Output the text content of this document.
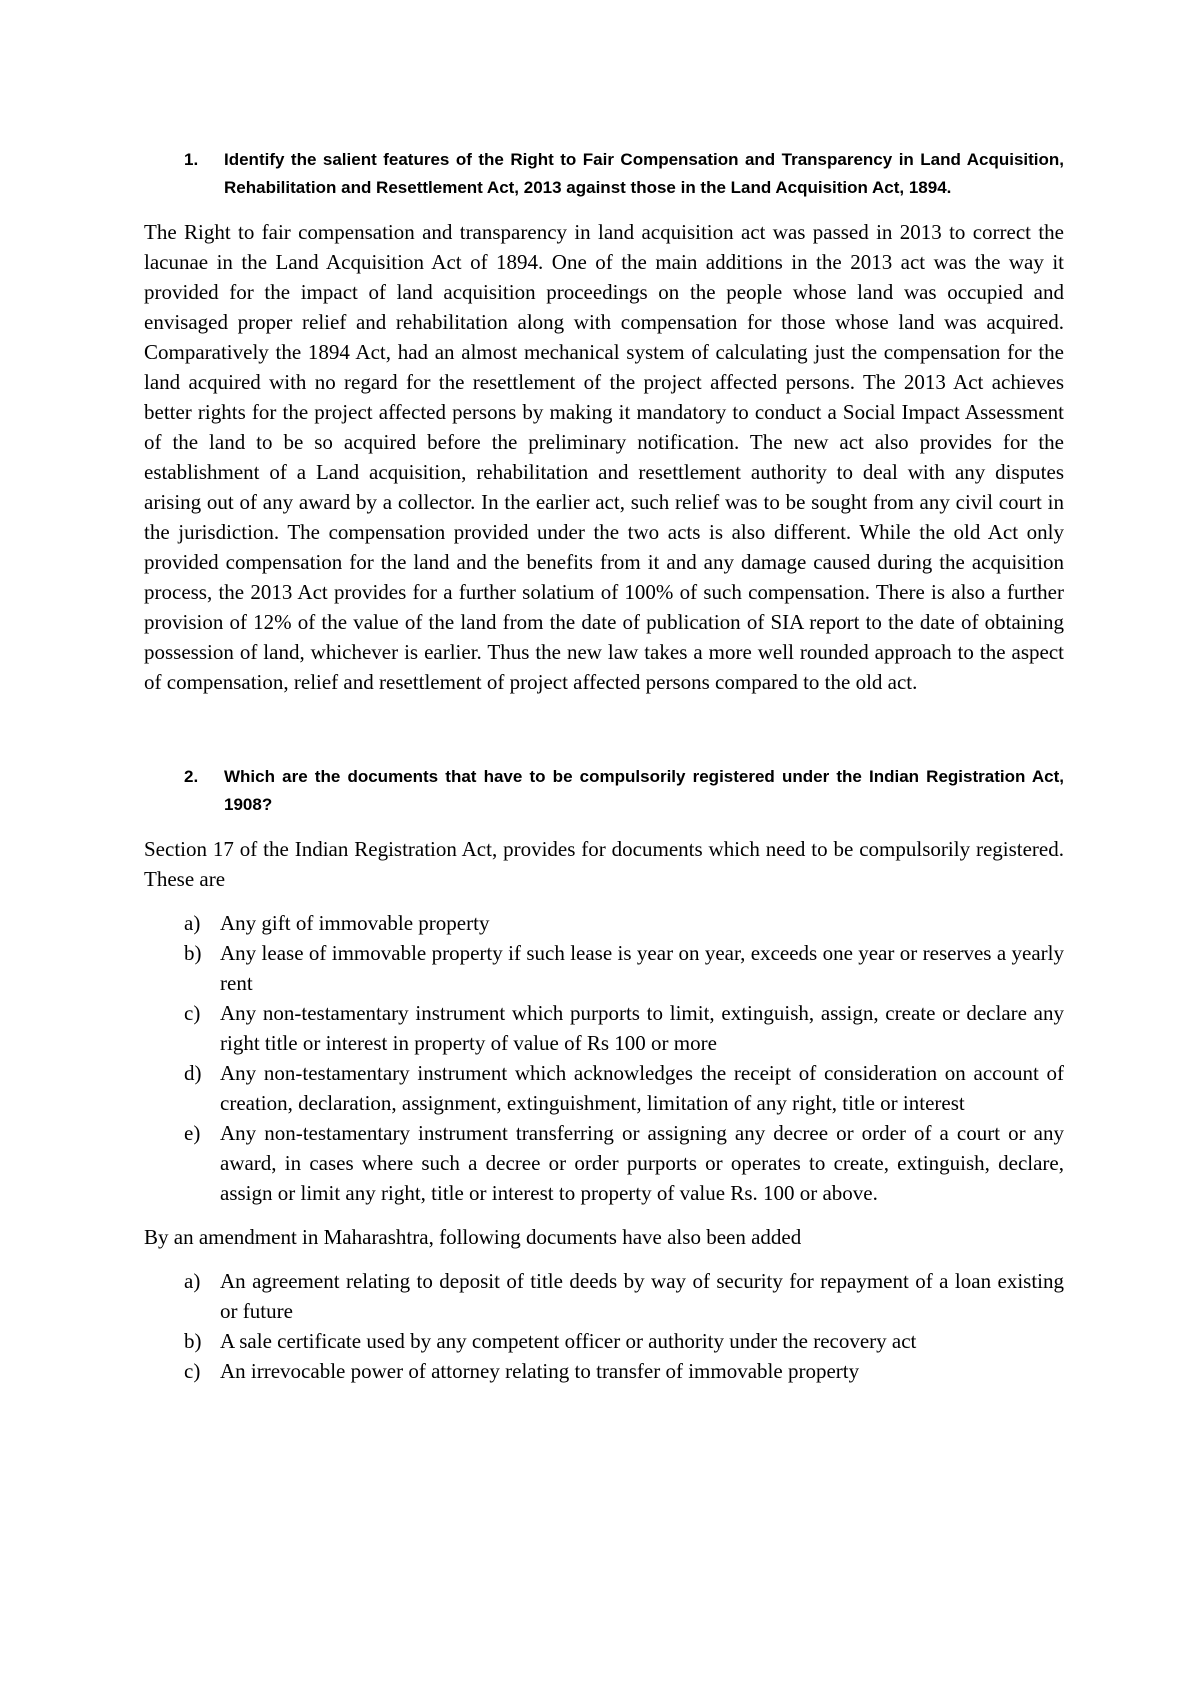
1.	Identify the salient features of the Right to Fair Compensation and Transparency in Land Acquisition, Rehabilitation and Resettlement Act, 2013 against those in the Land Acquisition Act, 1894.

The Right to fair compensation and transparency in land acquisition act was passed in 2013 to correct the lacunae in the Land Acquisition Act of 1894. One of the main additions in the 2013 act was the way it provided for the impact of land acquisition proceedings on the people whose land was occupied and envisaged proper relief and rehabilitation along with compensation for those whose land was acquired. Comparatively the 1894 Act, had an almost mechanical system of calculating just the compensation for the land acquired with no regard for the resettlement of the project affected persons. The 2013 Act achieves better rights for the project affected persons by making it mandatory to conduct a Social Impact Assessment of the land to be so acquired before the preliminary notification. The new act also provides for the establishment of a Land acquisition, rehabilitation and resettlement authority to deal with any disputes arising out of any award by a collector. In the earlier act, such relief was to be sought from any civil court in the jurisdiction. The compensation provided under the two acts is also different. While the old Act only provided compensation for the land and the benefits from it and any damage caused during the acquisition process, the 2013 Act provides for a further solatium of 100% of such compensation. There is also a further provision of 12% of the value of the land from the date of publication of SIA report to the date of obtaining possession of land, whichever is earlier. Thus the new law takes a more well rounded approach to the aspect of compensation, relief and resettlement of project affected persons compared to the old act.

2.	Which are the documents that have to be compulsorily registered under the Indian Registration Act, 1908?

Section 17 of the Indian Registration Act, provides for documents which need to be compulsorily registered. These are

a) Any gift of immovable property
b) Any lease of immovable property if such lease is year on year, exceeds one year or reserves a yearly rent
c) Any non-testamentary instrument which purports to limit, extinguish, assign, create or declare any right title or interest in property of value of Rs 100 or more
d) Any non-testamentary instrument which acknowledges the receipt of consideration on account of creation, declaration, assignment, extinguishment, limitation of any right, title or interest
e) Any non-testamentary instrument transferring or assigning any decree or order of a court or any award, in cases where such a decree or order purports or operates to create, extinguish, declare, assign or limit any right, title or interest to property of value Rs. 100 or above.

By an amendment in Maharashtra, following documents have also been added

a) An agreement relating to deposit of title deeds by way of security for repayment of a loan existing or future
b) A sale certificate used by any competent officer or authority under the recovery act
c) An irrevocable power of attorney relating to transfer of immovable property
